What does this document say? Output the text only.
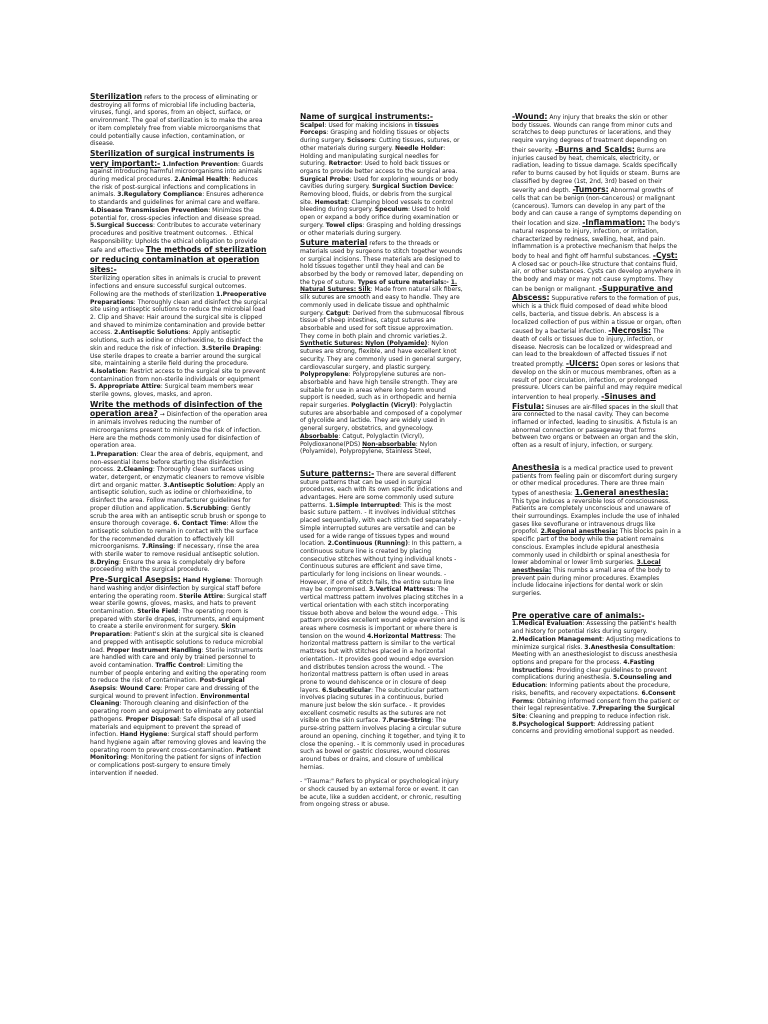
Sterilization refers to the process of eliminating or destroying all forms of microbial life including bacteria, viruses, fungi, and spores, from an object, surface, or environment. The goal of sterilization is to make the area or item completely free from viable microorganisms that could potentially cause infection, contamination, or disease.

Sterilization of surgical instruments is very important:- 1.Infection Prevention: Guards against introducing harmful microorganisms into animals during medical procedures. 2.Animal Health: Reduces the risk of post-surgical infections and complications in animals. 3.Regulatory Compliance: Ensures adherence to standards and guidelines for animal care and welfare. 4.Disease Transmission Prevention: Minimizes the potential for, cross-species infection and disease spread. 5.Surgical Success: Contributes to accurate veterinary procedures and positive treatment outcomes. . Ethical Responsibility: Upholds the ethical obligation to provide safe and effective The methods of sterilization or reducing contamination at operation sites:-

Sterilizing operation sites in animals is crucial to prevent infections and ensure successful surgical outcomes. Following are the methods of sterilization 1.Preoperative Preparations: Thoroughly clean and disinfect the surgical site using antiseptic solutions to reduce the microbial load 2. Clip and Shave: Hair around the surgical site is clipped and shaved to minimize contamination and provide better access. 2.Antiseptic Solutions: Apply antiseptic solutions, such as iodine or chlorhexidine, to disinfect the skin and reduce the risk of infection. 3.Sterile Draping: Use sterile drapes to create a barrier around the surgical site, maintaining a sterile field during the procedure. 4.Isolation: Restrict access to the surgical site to prevent contamination from non-sterile individuals or equipment 5. Appropriate Attire: Surgical team members wear sterile gowns, gloves, masks, and apron.

Write the methods of disinfection of the operation area? → Disinfection of the operation area in animals involves reducing the number of microorganisms present to minimize the risk of infection. Here are the methods commonly used for disinfection of operation area.

1.Preparation: Clear the area of debris, equipment, and non-essential items before starting the disinfection process. 2.Cleaning: Thoroughly clean surfaces using water, detergent, or enzymatic cleaners to remove visible dirt and organic matter. 3.Antiseptic Solution: Apply an antiseptic solution, such as iodine or chlorhexidine, to disinfect the area. Follow manufacturer guidelines for proper dilution and application. 5.Scrubbing: Gently scrub the area with an antiseptic scrub brush or sponge to ensure thorough coverage. 6. Contact Time: Allow the antiseptic solution to remain in contact with the surface for the recommended duration to effectively kill microorganisms. 7.Rinsing: If necessary, rinse the area with sterile water to remove residual antiseptic solution. 8.Drying: Ensure the area is completely dry before proceeding with the surgical procedure.

Pre-Surgical Asepsis: Hand Hygiene: Thorough hand washing and/or disinfection by surgical staff before entering the operating room. Sterile Attire: Surgical staff wear sterile gowns, gloves, masks, and hats to prevent contamination. Sterile Field: The operating room is prepared with sterile drapes, instruments, and equipment to create a sterile environment for surgery. Skin Preparation: Patient's skin at the surgical site is cleaned and prepped with antiseptic solutions to reduce microbial load. Proper Instrument Handling: Sterile instruments are handled with care and only by trained personnel to avoid contamination. Traffic Control: Limiting the number of people entering and exiting the operating room to reduce the risk of contamination. Post-Surgical Asepsis: Wound Care: Proper care and dressing of the surgical wound to prevent infection. Environmental Cleaning: Thorough cleaning and disinfection of the operating room and equipment to eliminate any potential pathogens. Proper Disposal: Safe disposal of all used materials and equipment to prevent the spread of infection. Hand Hygiene: Surgical staff should perform hand hygiene again after removing gloves and leaving the operating room to prevent cross-contamination. Patient Monitoring: Monitoring the patient for signs of infection or complications post-surgery to ensure timely intervention if needed.

Name of surgical instruments:-
Scalpel: Used for making incisions in tissues Forceps: Grasping and holding tissues or objects during surgery. Scissors: Cutting tissues, sutures, or other materials during surgery. Needle Holder: Holding and manipulating surgical needles for suturing. Retractor: Used to hold back tissues or organs to provide better access to the surgical area. Surgical Probe: Used for exploring wounds or body cavities during surgery. Surgical Suction Device: Removing blood, fluids, or debris from the surgical site. Hemostat: Clamping blood vessels to control bleeding during surgery. Speculum: Used to hold open or expand a body orifice during examination or surgery. Towel clips: Grasping and holding dressings or other materials during surgery.

Suture material refers to the threads or materials used by surgeons to stitch together wounds or surgical incisions. These materials are designed to hold tissues together until they heal and can be absorbed by the body or removed later, depending on the type of suture. Types of suture materials:- 1. Natural Sutures: Silk: Made from natural silk fibers, silk sutures are smooth and easy to handle. They are commonly used in delicate tissue and ophthalmic surgery. Catgut: Derived from the submucosal fibrous tissue of sheep intestines, catgut sutures are absorbable and used for soft tissue approximation. They come in both plain and chromic varieties.2. Synthetic Sutures: Nylon (Polyamide): Nylon sutures are strong, flexible, and have excellent knot security. They are commonly used in general surgery, cardiovascular surgery, and plastic surgery. Polypropylene: Polypropylene sutures are non-absorbable and have high tensile strength. They are suitable for use in areas where long-term wound support is needed, such as in orthopedic and hernia repair surgeries. Polyglactin (Vicryl): Polyglactin sutures are absorbable and composed of a copolymer of glycolide and lactide. They are widely used in general surgery, obstetrics, and gynecology. Absorbable: Catgut, Polyglactin (Vicryl), Polydioxanone(PDS) Non-absorbable: Nylon (Polyamide), Polypropylene, Stainless Steel,

Suture patterns:- There are several different suture patterns that can be used in surgical procedures, each with its own specific indications and advantages. Here are some commonly used suture patterns. 1.Simple Interrupted: This is the most basic suture pattern. - It involves individual stitches placed sequentially, with each stitch tied separately - Simple interrupted sutures are versatile and can be used for a wide range of tissues types and wound location. 2.Continuous (Running): In this pattern, a continuous suture line is created by placing consecutive stitches without tying individual knots - Continuous sutures are efficient and save time, particularly for long incisions on linear wounds. - However, if one of stitch fails, the entire suture line may be compromised. 3.Vertical Mattress: The vertical mattress pattern involves placing stitches in a vertical orientation with each stitch incorporating tissue both above and below the wound edge. - This pattern provides excellent wound edge eversion and is areas where cosmesis is important or where there is tension on the wound 4.Horizontal Mattress: The horizontal mattress pattern is similar to the vertical mattress but with stitches placed in a horizontal orientation.- It provides good wound edge eversion and distributes tension across the wound. - The horizontal mattress pattern is often used in areas prone to wound dehiscence or in closure of deep layers. 6.Subcuticular: The subcuticular pattern involves placing sutures in a continuous, buried manure just below the skin surface. - It provides excellent cosmetic results as the sutures are not visible on the skin surface. 7.Purse-String: The purse-string pattern involves placing a circular suture around an opening, cinching it together, and tying it to close the opening. - It is commonly used in procedures such as bowel or gastric closures, wound closures around tubes or drains, and closure of umbilical hernias.

- "Trauma:" Refers to physical or psychological injury or shock caused by an external force or event. It can be acute, like a sudden accident, or chronic, resulting from ongoing stress or abuse.

-Wound: Any injury that breaks the skin or other body tissues. Wounds can range from minor cuts and scratches to deep punctures or lacerations, and they require varying degrees of treatment depending on their severity. -Burns and Scalds: Burns are injuries caused by heat, chemicals, electricity, or radiation, leading to tissue damage. Scalds specifically refer to burns caused by hot liquids or steam. Burns are classified by degree (1st, 2nd, 3rd) based on their severity and depth. -Tumors: Abnormal growths of cells that can be benign (non-cancerous) or malignant (cancerous). Tumors can develop in any part of the body and can cause a range of symptoms depending on their location and size. -Inflammation: The body's natural response to injury, infection, or irritation, characterized by redness, swelling, heat, and pain. Inflammation is a protective mechanism that helps the body to heal and fight off harmful substances. -Cyst: A closed sac or pouch-like structure that contains fluid, air, or other substances. Cysts can develop anywhere in the body and may or may not cause symptoms. They can be benign or malignant. -Suppurative and Abscess: Suppurative refers to the formation of pus, which is a thick fluid composed of dead white blood cells, bacteria, and tissue debris. An abscess is a localized collection of pus within a tissue or organ, often caused by a bacterial infection. -Necrosis: The death of cells or tissues due to injury, infection, or disease. Necrosis can be localized or widespread and can lead to the breakdown of affected tissues if not treated promptly. -Ulcers: Open sores or lesions that develop on the skin or mucous membranes, often as a result of poor circulation, infection, or prolonged pressure. Ulcers can be painful and may require medical intervention to heal properly. -Sinuses and Fistula: Sinuses are air-filled spaces in the skull that are connected to the nasal cavity. They can become inflamed or infected, leading to sinusitis. A fistula is an abnormal connection or passageway that forms between two organs or between an organ and the skin, often as a result of injury, infection, or surgery.

Anesthesia is a medical practice used to prevent patients from feeling pain or discomfort during surgery or other medical procedures. There are three main types of anesthesia: 1.General anesthesia: This type induces a reversible loss of consciousness. Patients are completely unconscious and unaware of their surroundings. Examples include the use of inhaled gases like sevoflurane or intravenous drugs like propofol. 2.Regional anesthesia: This blocks pain in a specific part of the body while the patient remains conscious. Examples include epidural anesthesia commonly used in childbirth or spinal anesthesia for lower abdominal or lower limb surgeries. 3.Local anesthesia: This numbs a small area of the body to prevent pain during minor procedures. Examples include lidocaine injections for dental work or skin surgeries.

Pre operative care of animals:-
1.Medical Evaluation: Assessing the patient's health and history for potential risks during surgery. 2.Medication Management: Adjusting medications to minimize surgical risks. 3.Anesthesia Consultation: Meeting with an anesthesiologist to discuss anesthesia options and prepare for the process. 4.Fasting Instructions: Providing clear guidelines to prevent complications during anesthesia. 5.Counseling and Education: Informing patients about the procedure, risks, benefits, and recovery expectations. 6.Consent Forms: Obtaining informed consent from the patient or their legal representative. 7.Preparing the Surgical Site: Cleaning and prepping to reduce infection risk. 8.Psychological Support: Addressing patient concerns and providing emotional support as needed.
